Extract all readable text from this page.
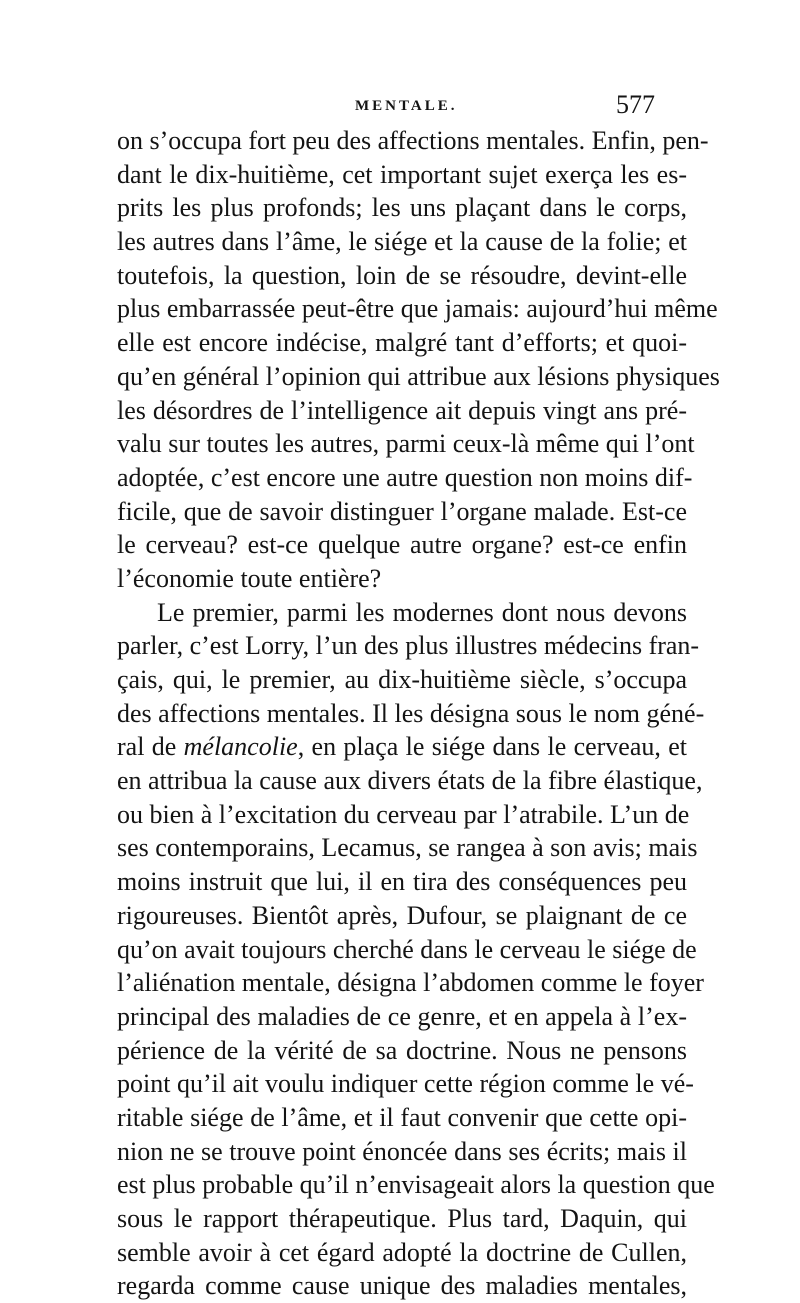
MENTALE.	577
on s’occupa fort peu des affections mentales. Enfin, pen-
dant le dix-huitième, cet important sujet exerça les es-
prits les plus profonds; les uns plaçant dans le corps,
les autres dans l’âme, le siége et la cause de la folie; et
toutefois, la question, loin de se résoudre, devint-elle
plus embarrassée peut-être que jamais: aujourd’hui même
elle est encore indécise, malgré tant d’efforts; et quoi-
qu’en général l’opinion qui attribue aux lésions physiques
les désordres de l’intelligence ait depuis vingt ans pré-
valu sur toutes les autres, parmi ceux-là même qui l’ont
adoptée, c’est encore une autre question non moins dif-
ficile, que de savoir distinguer l’organe malade. Est-ce
le cerveau? est-ce quelque autre organe? est-ce enfin
l’économie toute entière?
Le premier, parmi les modernes dont nous devons
parler, c’est Lorry, l’un des plus illustres médecins fran-
çais, qui, le premier, au dix-huitième siècle, s’occupa
des affections mentales. Il les désigna sous le nom géné-
ral de mélancolie, en plaça le siége dans le cerveau, et
en attribua la cause aux divers états de la fibre élastique,
ou bien à l’excitation du cerveau par l’atrabile. L’un de
ses contemporains, Lecamus, se rangea à son avis; mais
moins instruit que lui, il en tira des conséquences peu
rigoureuses. Bientôt après, Dufour, se plaignant de ce
qu’on avait toujours cherché dans le cerveau le siége de
l’aliénation mentale, désigna l’abdomen comme le foyer
principal des maladies de ce genre, et en appela à l’ex-
périence de la vérité de sa doctrine. Nous ne pensons
point qu’il ait voulu indiquer cette région comme le vé-
ritable siége de l’âme, et il faut convenir que cette opi-
nion ne se trouve point énoncée dans ses écrits; mais il
est plus probable qu’il n’envisageait alors la question que
sous le rapport thérapeutique. Plus tard, Daquin, qui
semble avoir à cet égard adopté la doctrine de Cullen,
regarda comme cause unique des maladies mentales,
